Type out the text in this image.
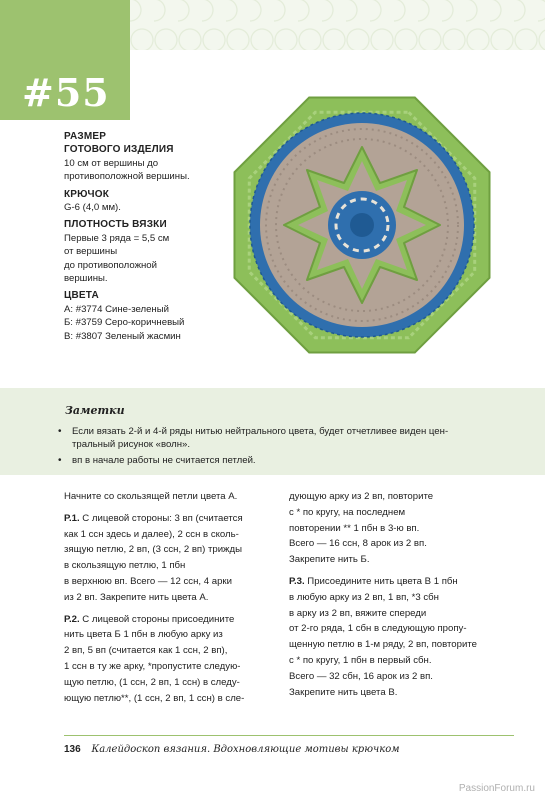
#55
РАЗМЕР
ГОТОВОГО ИЗДЕЛИЯ
10 см от вершины до
противоположной вершины.
КРЮЧОК
G-6 (4,0 мм).
ПЛОТНОСТЬ ВЯЗКИ
Первые 3 ряда = 5,5 см
от вершины
до противоположной
вершины.
ЦВЕТА
А: #3774 Сине-зеленый
Б: #3759 Серо-коричневый
В: #3807 Зеленый жасмин
Заметки
• Если вязать 2-й и 4-й ряды нитью нейтрального цвета, будет отчетливее виден цен-
тральный рисунок «волн».
• вп в начале работы не считается петлей.
Начните со скользящей петли цвета А.
Р.1. С лицевой стороны: 3 вп (считается
как 1 ссн здесь и далее), 2 ссн в сколь-
зящую петлю, 2 вп, (3 ссн, 2 вп) трижды
в скользящую петлю, 1 пбн
в верхнюю вп. Всего — 12 ссн, 4 арки
из 2 вп. Закрепите нить цвета А.
Р.2. С лицевой стороны присоедините
нить цвета Б 1 пбн в любую арку из
2 вп, 5 вп (считается как 1 ссн, 2 вп),
1 ссн в ту же арку, *пропустите следую-
щую петлю, (1 ссн, 2 вп, 1 ссн) в следу-
ющую петлю**, (1 ссн, 2 вп, 1 ссн) в сле-
дующую арку из 2 вп, повторите
с * по кругу, на последнем
повторении ** 1 пбн в 3-ю вп.
Всего — 16 ссн, 8 арок из 2 вп.
Закрепите нить Б.
Р.3. Присоедините нить цвета В 1 пбн
в любую арку из 2 вп, 1 вп, *3 сбн
в арку из 2 вп, вяжите спереди
от 2-го ряда, 1 сбн в следующую пропу-
щенную петлю в 1-м ряду, 2 вп, повторите
с * по кругу, 1 пбн в первый сбн.
Всего — 32 сбн, 16 арок из 2 вп.
Закрепите нить цвета В.
136 Калейдоскоп вязания. Вдохновляющие мотивы крючком
PassionForum.ru
